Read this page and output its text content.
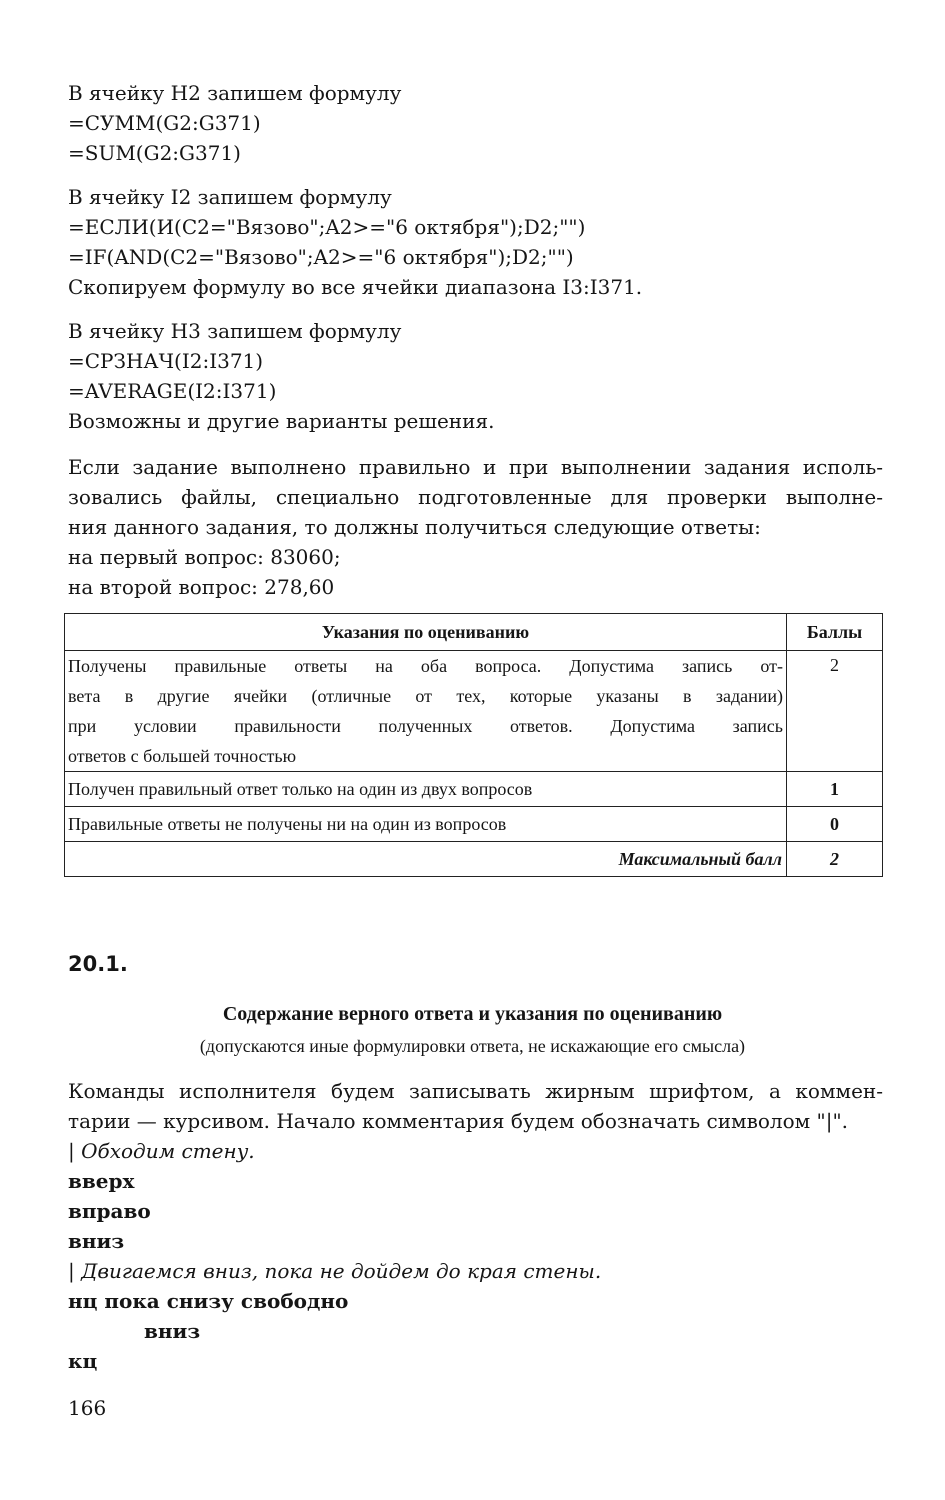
В ячейку H2 запишем формулу
=СУММ(G2:G371)
=SUM(G2:G371)
В ячейку I2 запишем формулу
=ЕСЛИ(И(C2="Вязово";A2>="6 октября");D2;"")
=IF(AND(C2="Вязово";A2>="6 октября");D2;"")
Скопируем формулу во все ячейки диапазона I3:I371.
В ячейку H3 запишем формулу
=СРЗНАЧ(I2:I371)
=AVERAGE(I2:I371)
Возможны и другие варианты решения.
Если задание выполнено правильно и при выполнении задания исполь-
зовались файлы, специально подготовленные для проверки выполне-
ния данного задания, то должны получиться следующие ответы:
на первый вопрос: 83060;
на второй вопрос: 278,60
Указания по оцениванию	Баллы

Получены правильные ответы на оба вопроса. Допустима запись от-
вета в другие ячейки (отличные от тех, которые указаны в задании)
при условии правильности полученных ответов. Допустима запись
ответов с большей точностью	2
Получен правильный ответ только на один из двух вопросов	1
Правильные ответы не получены ни на один из вопросов	0
Максимальный балл	2
20.1.
Содержание верного ответа и указания по оцениванию
(допускаются иные формулировки ответа, не искажающие его смысла)
Команды исполнителя будем записывать жирным шрифтом, а коммен-
тарии — курсивом. Начало комментария будем обозначать символом "|".
| Обходим стену.
вверх
вправо
вниз
| Двигаемся вниз, пока не дойдем до края стены.
нц пока снизу свободно
вниз
кц
166
